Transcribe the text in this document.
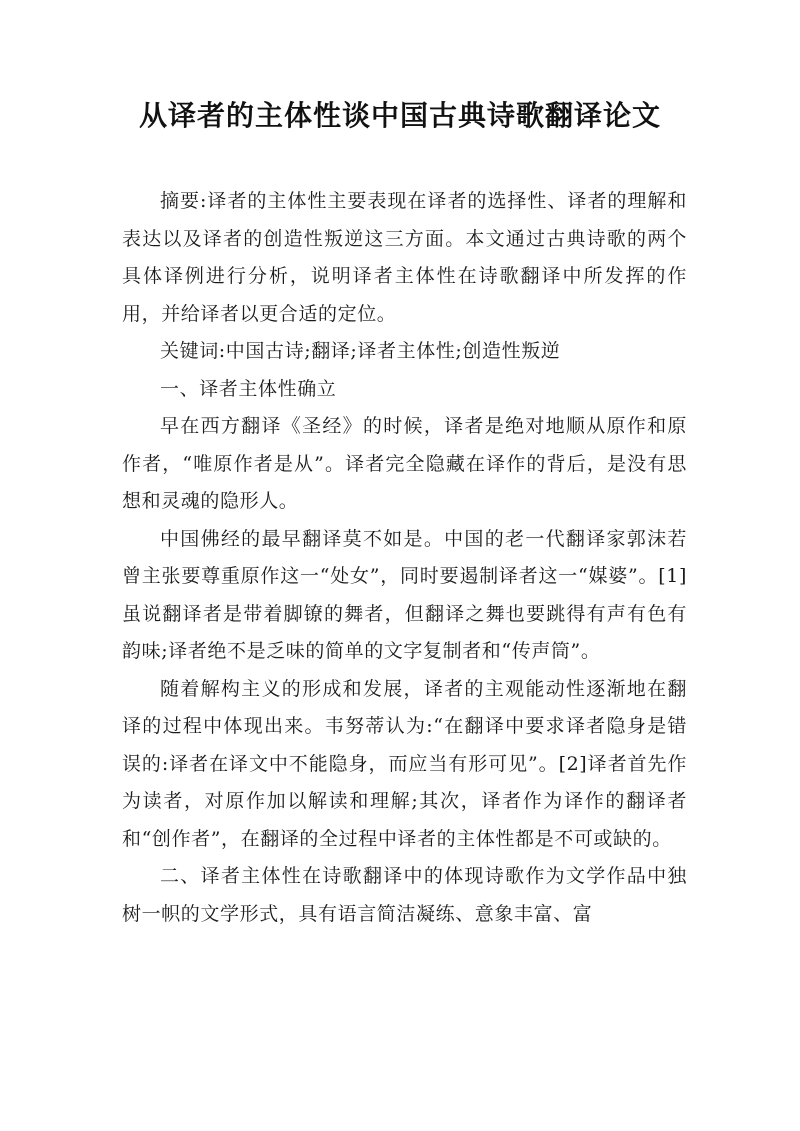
从译者的主体性谈中国古典诗歌翻译论文

摘要:译者的主体性主要表现在译者的选择性、译者的理解和表达以及译者的创造性叛逆这三方面。本文通过古典诗歌的两个具体译例进行分析，说明译者主体性在诗歌翻译中所发挥的作用，并给译者以更合适的定位。

关键词:中国古诗;翻译;译者主体性;创造性叛逆

一、译者主体性确立

早在西方翻译《圣经》的时候，译者是绝对地顺从原作和原作者，“唯原作者是从”。译者完全隐藏在译作的背后，是没有思想和灵魂的隐形人。

中国佛经的最早翻译莫不如是。中国的老一代翻译家郭沫若曾主张要尊重原作这一“处女”，同时要遏制译者这一“媒婆”。[1]虽说翻译者是带着脚镣的舞者，但翻译之舞也要跳得有声有色有韵味;译者绝不是乏味的简单的文字复制者和“传声筒”。

随着解构主义的形成和发展，译者的主观能动性逐渐地在翻译的过程中体现出来。韦努蒂认为:“在翻译中要求译者隐身是错误的:译者在译文中不能隐身，而应当有形可见”。[2]译者首先作为读者，对原作加以解读和理解;其次，译者作为译作的翻译者和“创作者”，在翻译的全过程中译者的主体性都是不可或缺的。

二、译者主体性在诗歌翻译中的体现诗歌作为文学作品中独树一帜的文学形式，具有语言简洁凝练、意象丰富、富
